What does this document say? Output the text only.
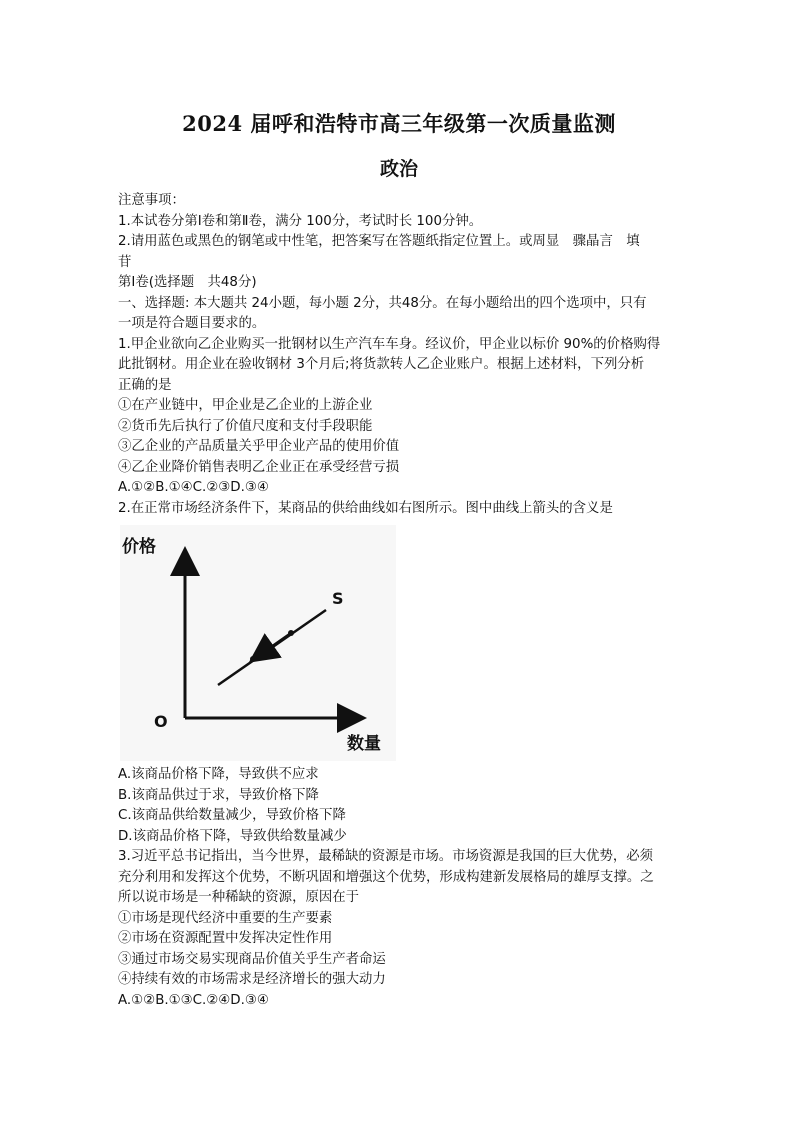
2024 届呼和浩特市高三年级第一次质量监测
政治

注意事项：

1.本试卷分第Ⅰ卷和第Ⅱ卷，满分 100分，考试时长 100分钟。

2.请用蓝色或黑色的钢笔或中性笔，把答案写在答题纸指定位置上。或周显　骤晶言　填

苷

第Ⅰ卷(选择题　共48分)

一、选择题: 本大题共 24小题，每小题 2分，共48分。在每小题给出的四个选项中，只有

一项是符合题目要求的。

1.甲企业欲向乙企业购买一批钢材以生产汽车车身。经议价，甲企业以标价 90%的价格购得

此批钢材。用企业在验收钢材 3个月后;将货款转人乙企业账户。根据上述材料，下列分析

正确的是

①在产业链中，甲企业是乙企业的上游企业

②货币先后执行了价值尺度和支付手段职能

③乙企业的产品质量关乎甲企业产品的使用价值

④乙企业降价销售表明乙企业正在承受经营亏损

A.①②B.①④C.②③D.③④

2.在正常市场经济条件下，某商品的供给曲线如右图所示。图中曲线上箭头的含义是

价格
数量
O
S

A.该商品价格下降，导致供不应求

B.该商品供过于求，导致价格下降

C.该商品供给数量减少，导致价格下降

D.该商品价格下降，导致供给数量减少

3.习近平总书记指出，当今世界，最稀缺的资源是市场。市场资源是我国的巨大优势，必须

充分利用和发挥这个优势，不断巩固和增强这个优势，形成构建新发展格局的雄厚支撑。之

所以说市场是一种稀缺的资源，原因在于

①市场是现代经济中重要的生产要素

②市场在资源配置中发挥决定性作用

③通过市场交易实现商品价值关乎生产者命运

④持续有效的市场需求是经济增长的强大动力

A.①②B.①③C.②④D.③④
